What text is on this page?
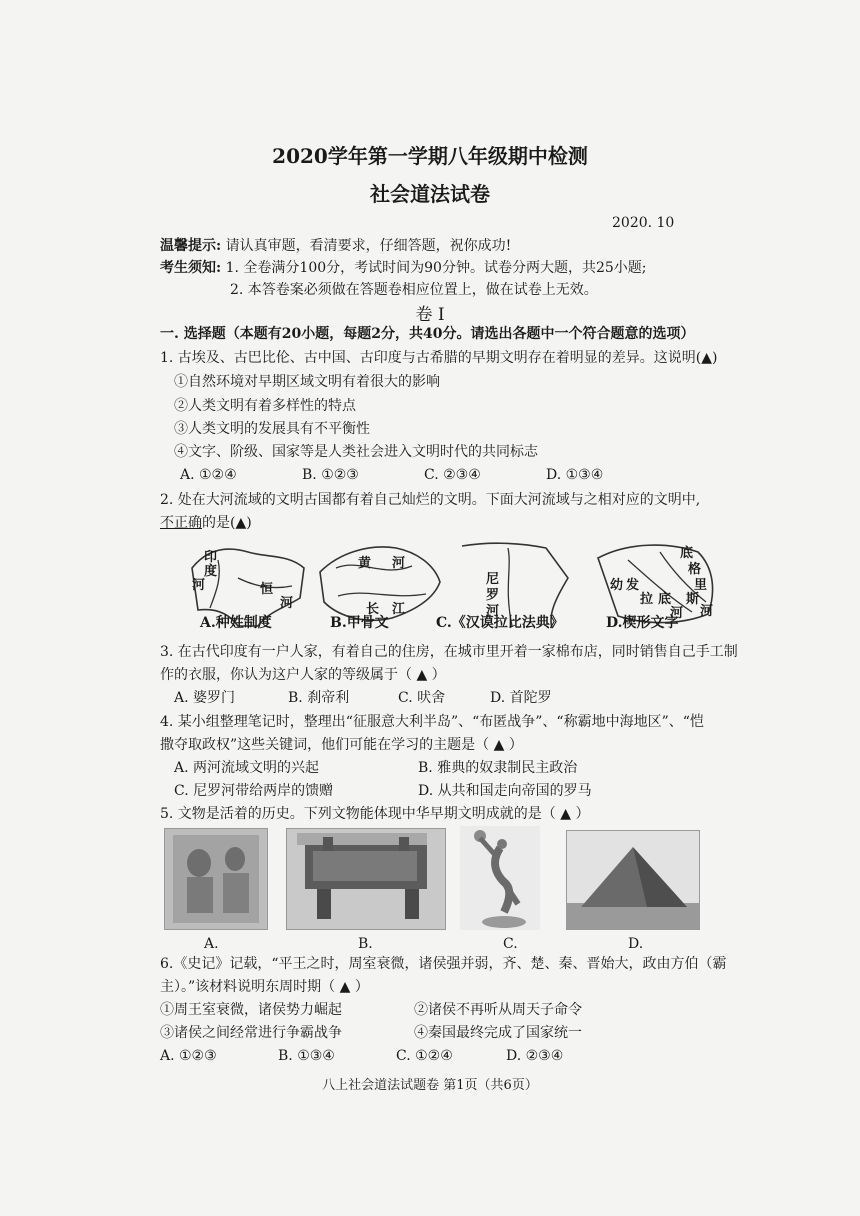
2020学年第一学期八年级期中检测
社会道法试卷
2020. 10
温馨提示: 请认真审题，看清要求，仔细答题，祝你成功!
考生须知: 1. 全卷满分100分，考试时间为90分钟。试卷分两大题，共25小题;
2. 本答卷案必须做在答题卷相应位置上，做在试卷上无效。
卷 Ⅰ
一. 选择题（本题有20小题，每题2分，共40分。请选出各题中一个符合题意的选项）
1. 古埃及、古巴比伦、古中国、古印度与古希腊的早期文明存在着明显的差异。这说明(▲)
①自然环境对早期区域文明有着很大的影响
②人类文明有着多样性的特点
③人类文明的发展具有不平衡性
④文字、阶级、国家等是人类社会进入文明时代的共同标志
A. ①②④	B. ①②③	C. ②③④	D. ①③④
2. 处在大河流域的文明古国都有着自己灿烂的文明。下面大河流域与之相对应的文明中,
不正确的是(▲)
印
度
河	恒
河
黄 河
长 江
尼
罗
河
底
格
里
斯
河
幼 发
拉 底
河
A.种姓制度	B.甲骨文	C.《汉谟拉比法典》	D.楔形文字
3. 在古代印度有一户人家，有着自己的住房，在城市里开着一家棉布店，同时销售自己手工制
作的衣服，你认为这户人家的等级属于（ ▲ ）
A. 婆罗门	B. 刹帝利	C. 吠舍	D. 首陀罗
4. 某小组整理笔记时，整理出“征服意大利半岛”、“布匿战争”、“称霸地中海地区”、“恺
撒夺取政权”这些关键词，他们可能在学习的主题是（ ▲ ）
A. 两河流域文明的兴起	B. 雅典的奴隶制民主政治
C. 尼罗河带给两岸的馈赠	D. 从共和国走向帝国的罗马
5. 文物是活着的历史。下列文物能体现中华早期文明成就的是（ ▲ ）
A.	B.	C.	D.
6.《史记》记载，“平王之时，周室衰微，诸侯强并弱，齐、楚、秦、晋始大，政由方伯（霸
主）。”该材料说明东周时期（ ▲ ）
①周王室衰微，诸侯势力崛起	②诸侯不再听从周天子命令
③诸侯之间经常进行争霸战争	④秦国最终完成了国家统一
A. ①②③	B. ①③④	C. ①②④	D. ②③④
八上社会道法试题卷 第1页（共6页）
